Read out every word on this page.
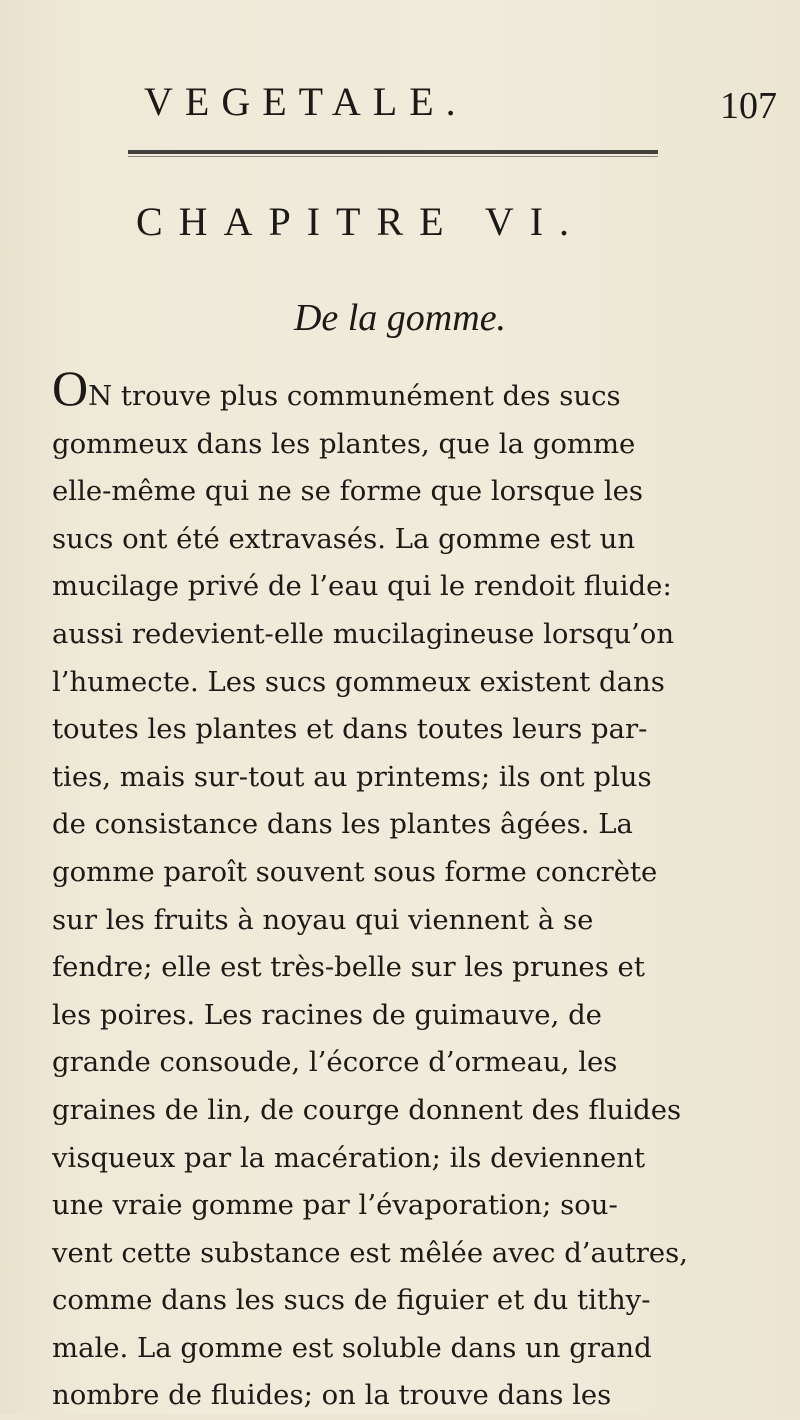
VEGETALE.	107
CHAPITRE VI.
De la gomme.
ON trouve plus communément des sucs
gommeux dans les plantes, que la gomme
elle-même qui ne se forme que lorsque les
sucs ont été extravasés. La gomme est un
mucilage privé de l’eau qui le rendoit fluide:
aussi redevient-elle mucilagineuse lorsqu’on
l’humecte. Les sucs gommeux existent dans
toutes les plantes et dans toutes leurs par-
ties, mais sur-tout au printems; ils ont plus
de consistance dans les plantes âgées. La
gomme paroît souvent sous forme concrète
sur les fruits à noyau qui viennent à se
fendre; elle est très-belle sur les prunes et
les poires. Les racines de guimauve, de
grande consoude, l’écorce d’ormeau, les
graines de lin, de courge donnent des fluides
visqueux par la macération; ils deviennent
une vraie gomme par l’évaporation; sou-
vent cette substance est mêlée avec d’autres,
comme dans les sucs de figuier et du tithy-
male. La gomme est soluble dans un grand
nombre de fluides; on la trouve dans les
